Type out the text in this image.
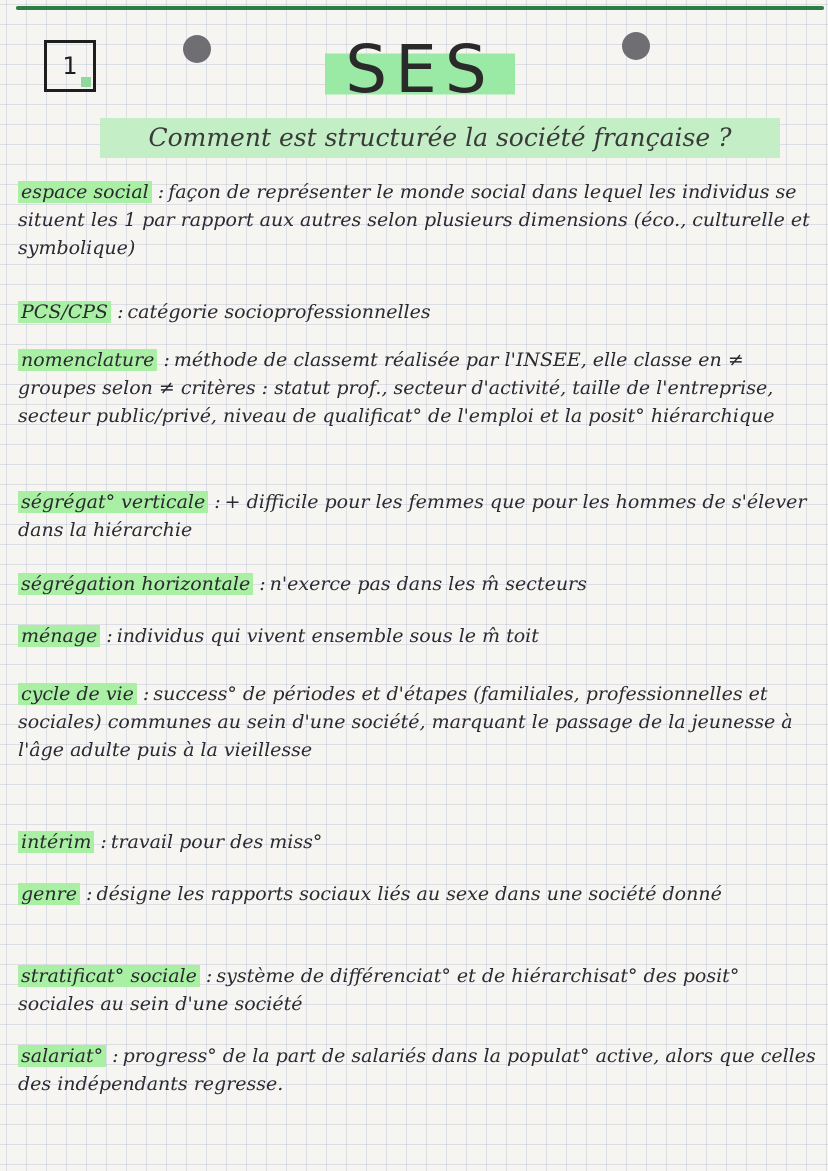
1	SES
Comment est structurée la société française ?
espace social : façon de représenter le monde social dans lequel les individus se situent les 1 par rapport aux autres selon plusieurs dimensions (éco., culturelle et symbolique)
PCS/CPS : catégorie socioprofessionnelles
nomenclature : méthode de classemt réalisée par l'INSEE, elle classe en ≠ groupes selon ≠ critères : statut prof., secteur d'activité, taille de l'entreprise, secteur public/privé, niveau de qualificat° de l'emploi et la posit° hiérarchique
ségrégat° verticale : + difficile pour les femmes que pour les hommes de s'élever dans la hiérarchie
ségrégation horizontale : n'exerce pas dans les m̂ secteurs
ménage : individus qui vivent ensemble sous le m̂ toit
cycle de vie : success° de périodes et d'étapes (familiales, professionnelles et sociales) communes au sein d'une société, marquant le passage de la jeunesse à l'âge adulte puis à la vieillesse
intérim : travail pour des miss°
genre : désigne les rapports sociaux liés au sexe dans une société donné
stratificat° sociale : système de différenciat° et de hiérarchisat° des posit° sociales au sein d'une société
salariat° : progress° de la part de salariés dans la populat° active, alors que celles des indépendants regresse.
